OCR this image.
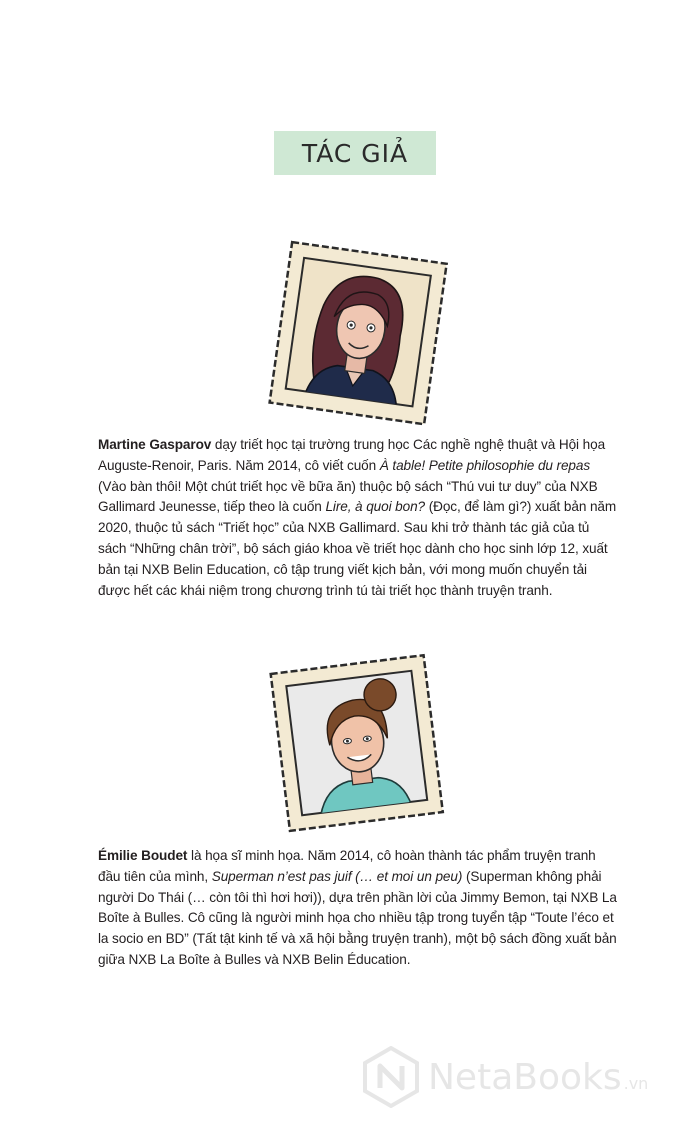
TÁC GIẢ

Martine Gasparov dạy triết học tại trường trung học Các nghề nghệ thuật và Hội họa Auguste-Renoir, Paris. Năm 2014, cô viết cuốn À table! Petite philosophie du repas (Vào bàn thôi! Một chút triết học về bữa ăn) thuộc bộ sách “Thú vui tư duy” của NXB Gallimard Jeunesse, tiếp theo là cuốn Lire, à quoi bon? (Đọc, để làm gì?) xuất bản năm 2020, thuộc tủ sách “Triết học” của NXB Gallimard. Sau khi trở thành tác giả của tủ sách “Những chân trời”, bộ sách giáo khoa về triết học dành cho học sinh lớp 12, xuất bản tại NXB Belin Education, cô tập trung viết kịch bản, với mong muốn chuyển tải được hết các khái niệm trong chương trình tú tài triết học thành truyện tranh.

Émilie Boudet là họa sĩ minh họa. Năm 2014, cô hoàn thành tác phẩm truyện tranh đầu tiên của mình, Superman n’est pas juif (… et moi un peu) (Superman không phải người Do Thái (… còn tôi thì hơi hơi)), dựa trên phần lời của Jimmy Bemon, tại NXB La Boîte à Bulles. Cô cũng là người minh họa cho nhiều tập trong tuyển tập “Toute l’éco et la socio en BD” (Tất tật kinh tế và xã hội bằng truyện tranh), một bộ sách đồng xuất bản giữa NXB La Boîte à Bulles và NXB Belin Éducation.

NetaBooks .vn
